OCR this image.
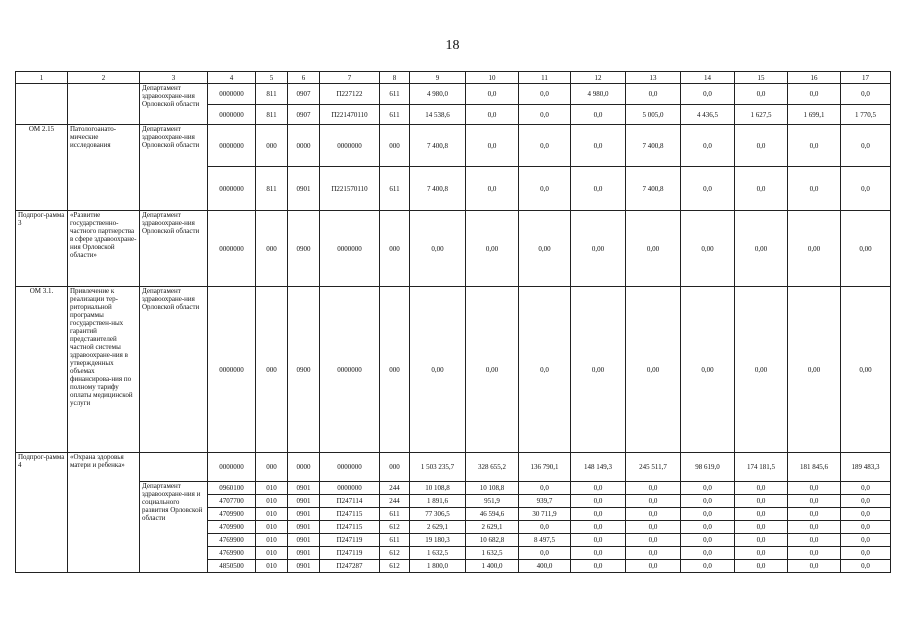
18
1	2	3	4	5	6	7	8	9	10	11	12	13	14	15	16	17
		Департамент здравоохране-ния Орловской области	0000000	811	0907	П227122	611	4 980,0	0,0	0,0	4 980,0	0,0	0,0	0,0	0,0	0,0
			0000000	811	0907	П221470110	611	14 538,6	0,0	0,0	0,0	5 005,0	4 436,5	1 627,5	1 699,1	1 770,5
ОМ 2.15	Патологоанато-мические исследования	Департамент здравоохране-ния Орловской области	0000000	000	0000	0000000	000	7 400,8	0,0	0,0	0,0	7 400,8	0,0	0,0	0,0	0,0
			0000000	811	0901	П221570110	611	7 400,8	0,0	0,0	0,0	7 400,8	0,0	0,0	0,0	0,0
Подпрог-рамма 3	«Развитие государственно-частного партнерства в сфере здравоохране-ния Орловской области»	Департамент здравоохране-ния Орловской области	0000000	000	0900	0000000	000	0,00	0,00	0,00	0,00	0,00	0,00	0,00	0,00	0,00
ОМ 3.1.	Привлечение к реализации тер-риториальной программы государствен-ных гарантий представителей частной системы здравоохране-ния в утвержденных объемах финансирова-ния по полному тарифу оплаты медицинской услуги	Департамент здравоохране-ния Орловской области	0000000	000	0900	0000000	000	0,00	0,00	0,0	0,00	0,00	0,00	0,00	0,00	0,00
Подпрог-рамма 4	«Охрана здоровья матери и ребенка»		0000000	000	0000	0000000	000	1 503 235,7	328 655,2	136 790,1	148 149,3	245 511,7	98 619,0	174 181,5	181 845,6	189 483,3
		Департамент здравоохране-ния и социального развития Орловской области	0960100	010	0901	0000000	244	10 108,8	10 108,8	0,0	0,0	0,0	0,0	0,0	0,0	0,0
			4707700	010	0901	П247114	244	1 891,6	951,9	939,7	0,0	0,0	0,0	0,0	0,0	0,0
			4709900	010	0901	П247115	611	77 306,5	46 594,6	30 711,9	0,0	0,0	0,0	0,0	0,0	0,0
			4709900	010	0901	П247115	612	2 629,1	2 629,1	0,0	0,0	0,0	0,0	0,0	0,0	0,0
			4769900	010	0901	П247119	611	19 180,3	10 682,8	8 497,5	0,0	0,0	0,0	0,0	0,0	0,0
			4769900	010	0901	П247119	612	1 632,5	1 632,5	0,0	0,0	0,0	0,0	0,0	0,0	0,0
			4850500	010	0901	П247287	612	1 800,0	1 400,0	400,0	0,0	0,0	0,0	0,0	0,0	0,0
